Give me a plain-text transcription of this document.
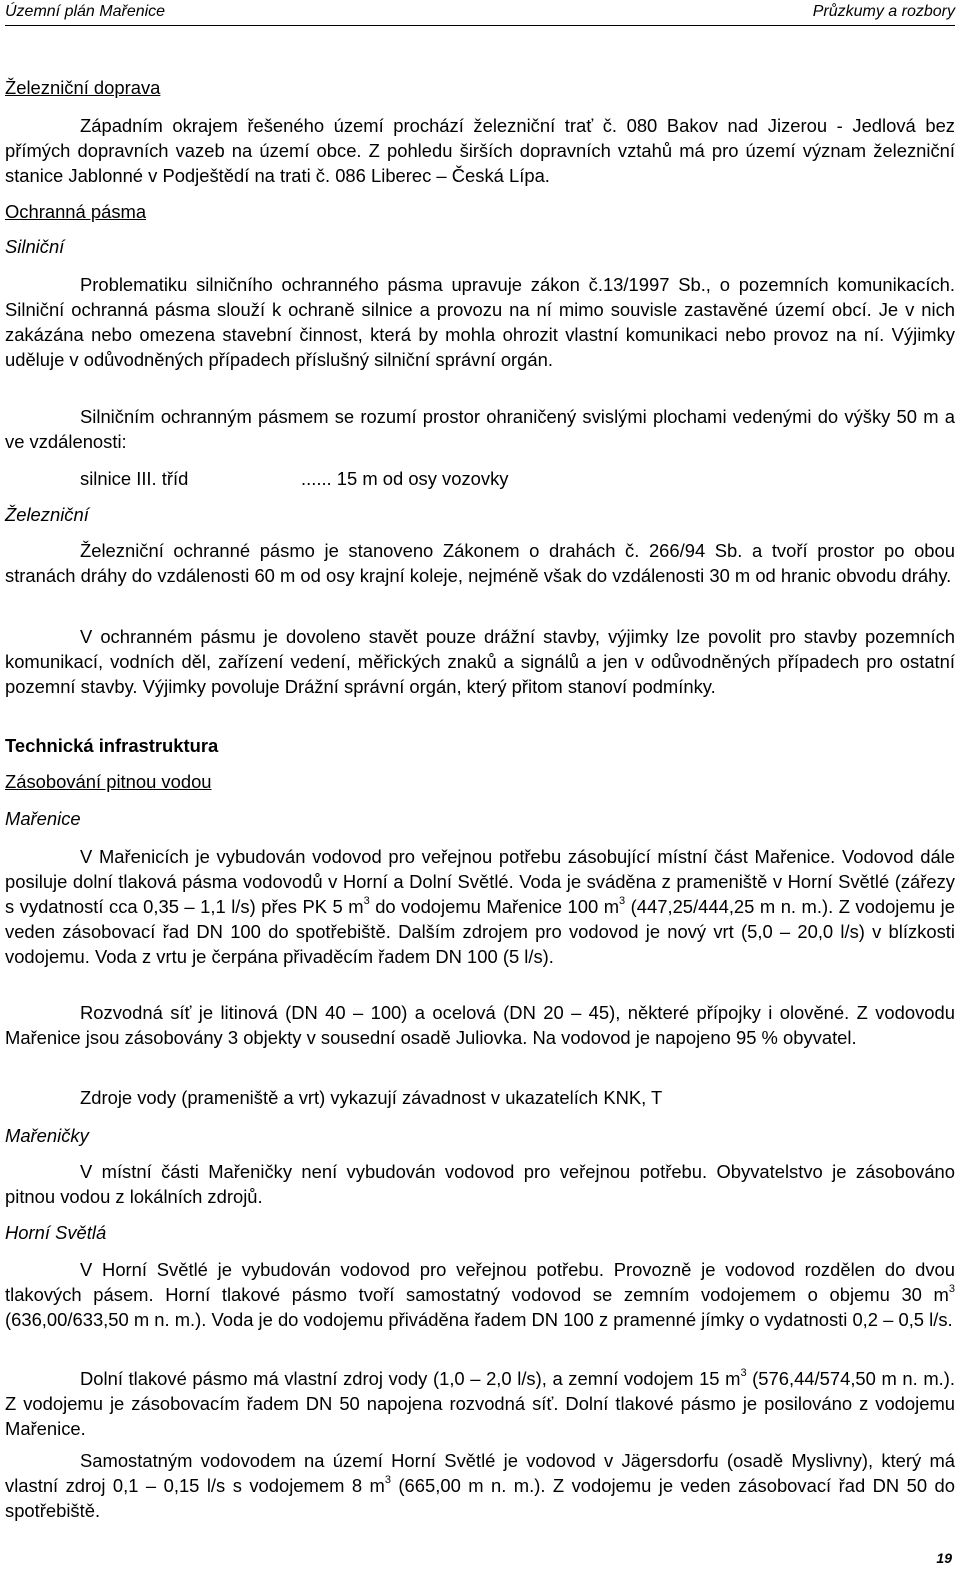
Územní plán Mařenice	Průzkumy a rozbory
Železniční doprava

Západním okrajem řešeného území prochází železniční trať č. 080 Bakov nad Jizerou - Jedlová bez přímých dopravních vazeb na území obce. Z pohledu širších dopravních vztahů má pro území význam železniční stanice Jablonné v Podještědí na trati č. 086 Liberec – Česká Lípa.

Ochranná pásma
Silniční

Problematiku silničního ochranného pásma upravuje zákon č.13/1997 Sb., o pozemních komunikacích. Silniční ochranná pásma slouží k ochraně silnice a provozu na ní mimo souvisle zastavěné území obcí. Je v nich zakázána nebo omezena stavební činnost, která by mohla ohrozit vlastní komunikaci nebo provoz na ní. Výjimky uděluje v odůvodněných případech příslušný silniční správní orgán.

Silničním ochranným pásmem se rozumí prostor ohraničený svislými plochami vedenými do výšky 50 m a ve vzdálenosti:

silnice III. tříd	...... 15 m od osy vozovky
Železniční

Železniční ochranné pásmo je stanoveno Zákonem o drahách č. 266/94 Sb. a tvoří prostor po obou stranách dráhy do vzdálenosti 60 m od osy krajní koleje, nejméně však do vzdálenosti 30 m od hranic obvodu dráhy.

V ochranném pásmu je dovoleno stavět pouze drážní stavby, výjimky lze povolit pro stavby pozemních komunikací, vodních děl, zařízení vedení, měřických znaků a signálů a jen v odůvodněných případech pro ostatní pozemní stavby. Výjimky povoluje Drážní správní orgán, který přitom stanoví podmínky.

Technická infrastruktura
Zásobování pitnou vodou
Mařenice

V Mařenicích je vybudován vodovod pro veřejnou potřebu zásobující místní část Mařenice. Vodovod dále posiluje dolní tlaková pásma vodovodů v Horní a Dolní Světlé. Voda je sváděna z prameniště v Horní Světlé (zářezy s vydatností cca 0,35 – 1,1 l/s) přes PK 5 $m^3$ do vodojemu Mařenice 100 $m^3$ (447,25/444,25 m n. m.). Z vodojemu je veden zásobovací řad DN 100 do spotřebiště. Dalším zdrojem pro vodovod je nový vrt (5,0 – 20,0 l/s) v blízkosti vodojemu. Voda z vrtu je čerpána přivaděcím řadem DN 100 (5 l/s).

Rozvodná síť je litinová (DN 40 – 100) a ocelová (DN 20 – 45), některé přípojky i olověné. Z vodovodu Mařenice jsou zásobovány 3 objekty v sousední osadě Juliovka. Na vodovod je napojeno 95 % obyvatel.

Zdroje vody (prameniště a vrt) vykazují závadnost v ukazatelích KNK, T

Mařeničky

V místní části Mařeničky není vybudován vodovod pro veřejnou potřebu. Obyvatelstvo je zásobováno pitnou vodou z lokálních zdrojů.

Horní Světlá

V Horní Světlé je vybudován vodovod pro veřejnou potřebu. Provozně je vodovod rozdělen do dvou tlakových pásem. Horní tlakové pásmo tvoří samostatný vodovod se zemním vodojemem o objemu 30 $m^3$ (636,00/633,50 m n. m.). Voda je do vodojemu přiváděna řadem DN 100 z pramenné jímky o vydatnosti 0,2 – 0,5 l/s.

Dolní tlakové pásmo má vlastní zdroj vody (1,0 – 2,0 l/s), a zemní vodojem 15 $m^3$ (576,44/574,50 m n. m.). Z vodojemu je zásobovacím řadem DN 50 napojena rozvodná síť. Dolní tlakové pásmo je posilováno z vodojemu Mařenice.

Samostatným vodovodem na území Horní Světlé je vodovod v Jägersdorfu (osadě Myslivny), který má vlastní zdroj 0,1 – 0,15 l/s s vodojemem 8 $m^3$ (665,00 m n. m.). Z vodojemu je veden zásobovací řad DN 50 do spotřebiště.

19
